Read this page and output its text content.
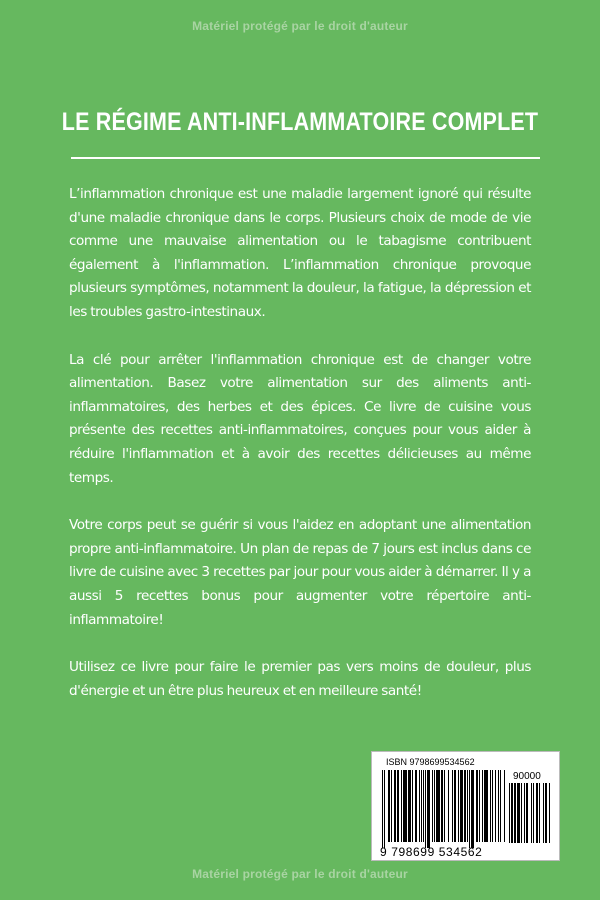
Matériel protégé par le droit d'auteur
LE RÉGIME ANTI-INFLAMMATOIRE COMPLET

L’inflammation chronique est une maladie largement ignoré qui résulte d'une maladie chronique dans le corps. Plusieurs choix de mode de vie comme une mauvaise alimentation ou le tabagisme contribuent également à l'inflammation. L’inflammation chronique provoque plusieurs symptômes, notamment la douleur, la fatigue, la dépression et les troubles gastro-intestinaux.

La clé pour arrêter l'inflammation chronique est de changer votre alimentation. Basez votre alimentation sur des aliments anti-inflammatoires, des herbes et des épices. Ce livre de cuisine vous présente des recettes anti-inflammatoires, conçues pour vous aider à réduire l'inflammation et à avoir des recettes délicieuses au même temps.

Votre corps peut se guérir si vous l'aidez en adoptant une alimentation propre anti-inflammatoire. Un plan de repas de 7 jours est inclus dans ce livre de cuisine avec 3 recettes par jour pour vous aider à démarrer. Il y a aussi 5 recettes bonus pour augmenter votre répertoire anti-inflammatoire!

Utilisez ce livre pour faire le premier pas vers moins de douleur, plus d'énergie et un être plus heureux et en meilleure santé!

ISBN 9798699534562
90000
9 798699 534562
Matériel protégé par le droit d'auteur
